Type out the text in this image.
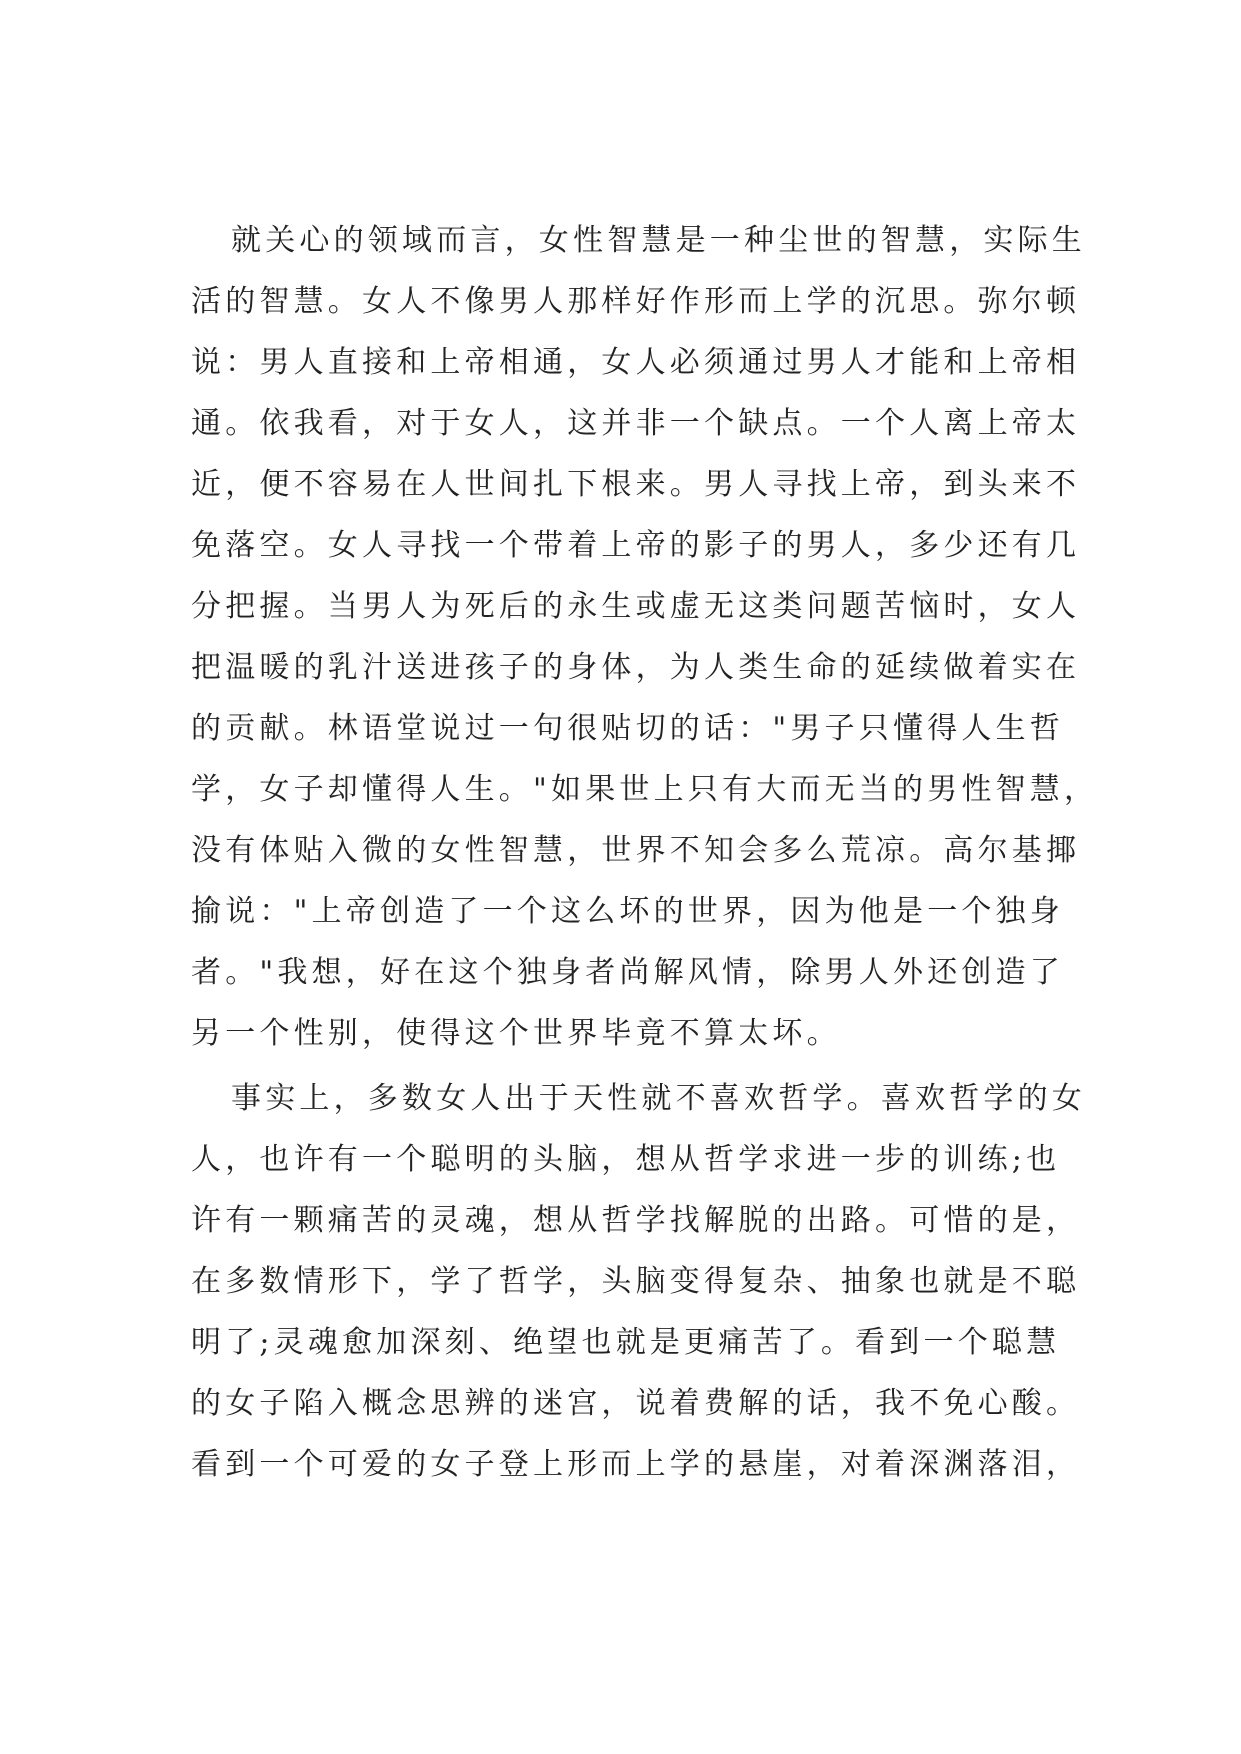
就关心的领域而言，女性智慧是一种尘世的智慧，实际生
活的智慧。女人不像男人那样好作形而上学的沉思。弥尔顿
说：男人直接和上帝相通，女人必须通过男人才能和上帝相
通。依我看，对于女人，这并非一个缺点。一个人离上帝太
近，便不容易在人世间扎下根来。男人寻找上帝，到头来不
免落空。女人寻找一个带着上帝的影子的男人，多少还有几
分把握。当男人为死后的永生或虚无这类问题苦恼时，女人
把温暖的乳汁送进孩子的身体，为人类生命的延续做着实在
的贡献。林语堂说过一句很贴切的话："男子只懂得人生哲
学，女子却懂得人生。"如果世上只有大而无当的男性智慧，
没有体贴入微的女性智慧，世界不知会多么荒凉。高尔基揶
揄说："上帝创造了一个这么坏的世界，因为他是一个独身
者。"我想，好在这个独身者尚解风情，除男人外还创造了
另一个性别，使得这个世界毕竟不算太坏。
事实上，多数女人出于天性就不喜欢哲学。喜欢哲学的女
人，也许有一个聪明的头脑，想从哲学求进一步的训练;也
许有一颗痛苦的灵魂，想从哲学找解脱的出路。可惜的是，
在多数情形下，学了哲学，头脑变得复杂、抽象也就是不聪
明了;灵魂愈加深刻、绝望也就是更痛苦了。看到一个聪慧
的女子陷入概念思辨的迷宫，说着费解的话，我不免心酸。
看到一个可爱的女子登上形而上学的悬崖，对着深渊落泪，
